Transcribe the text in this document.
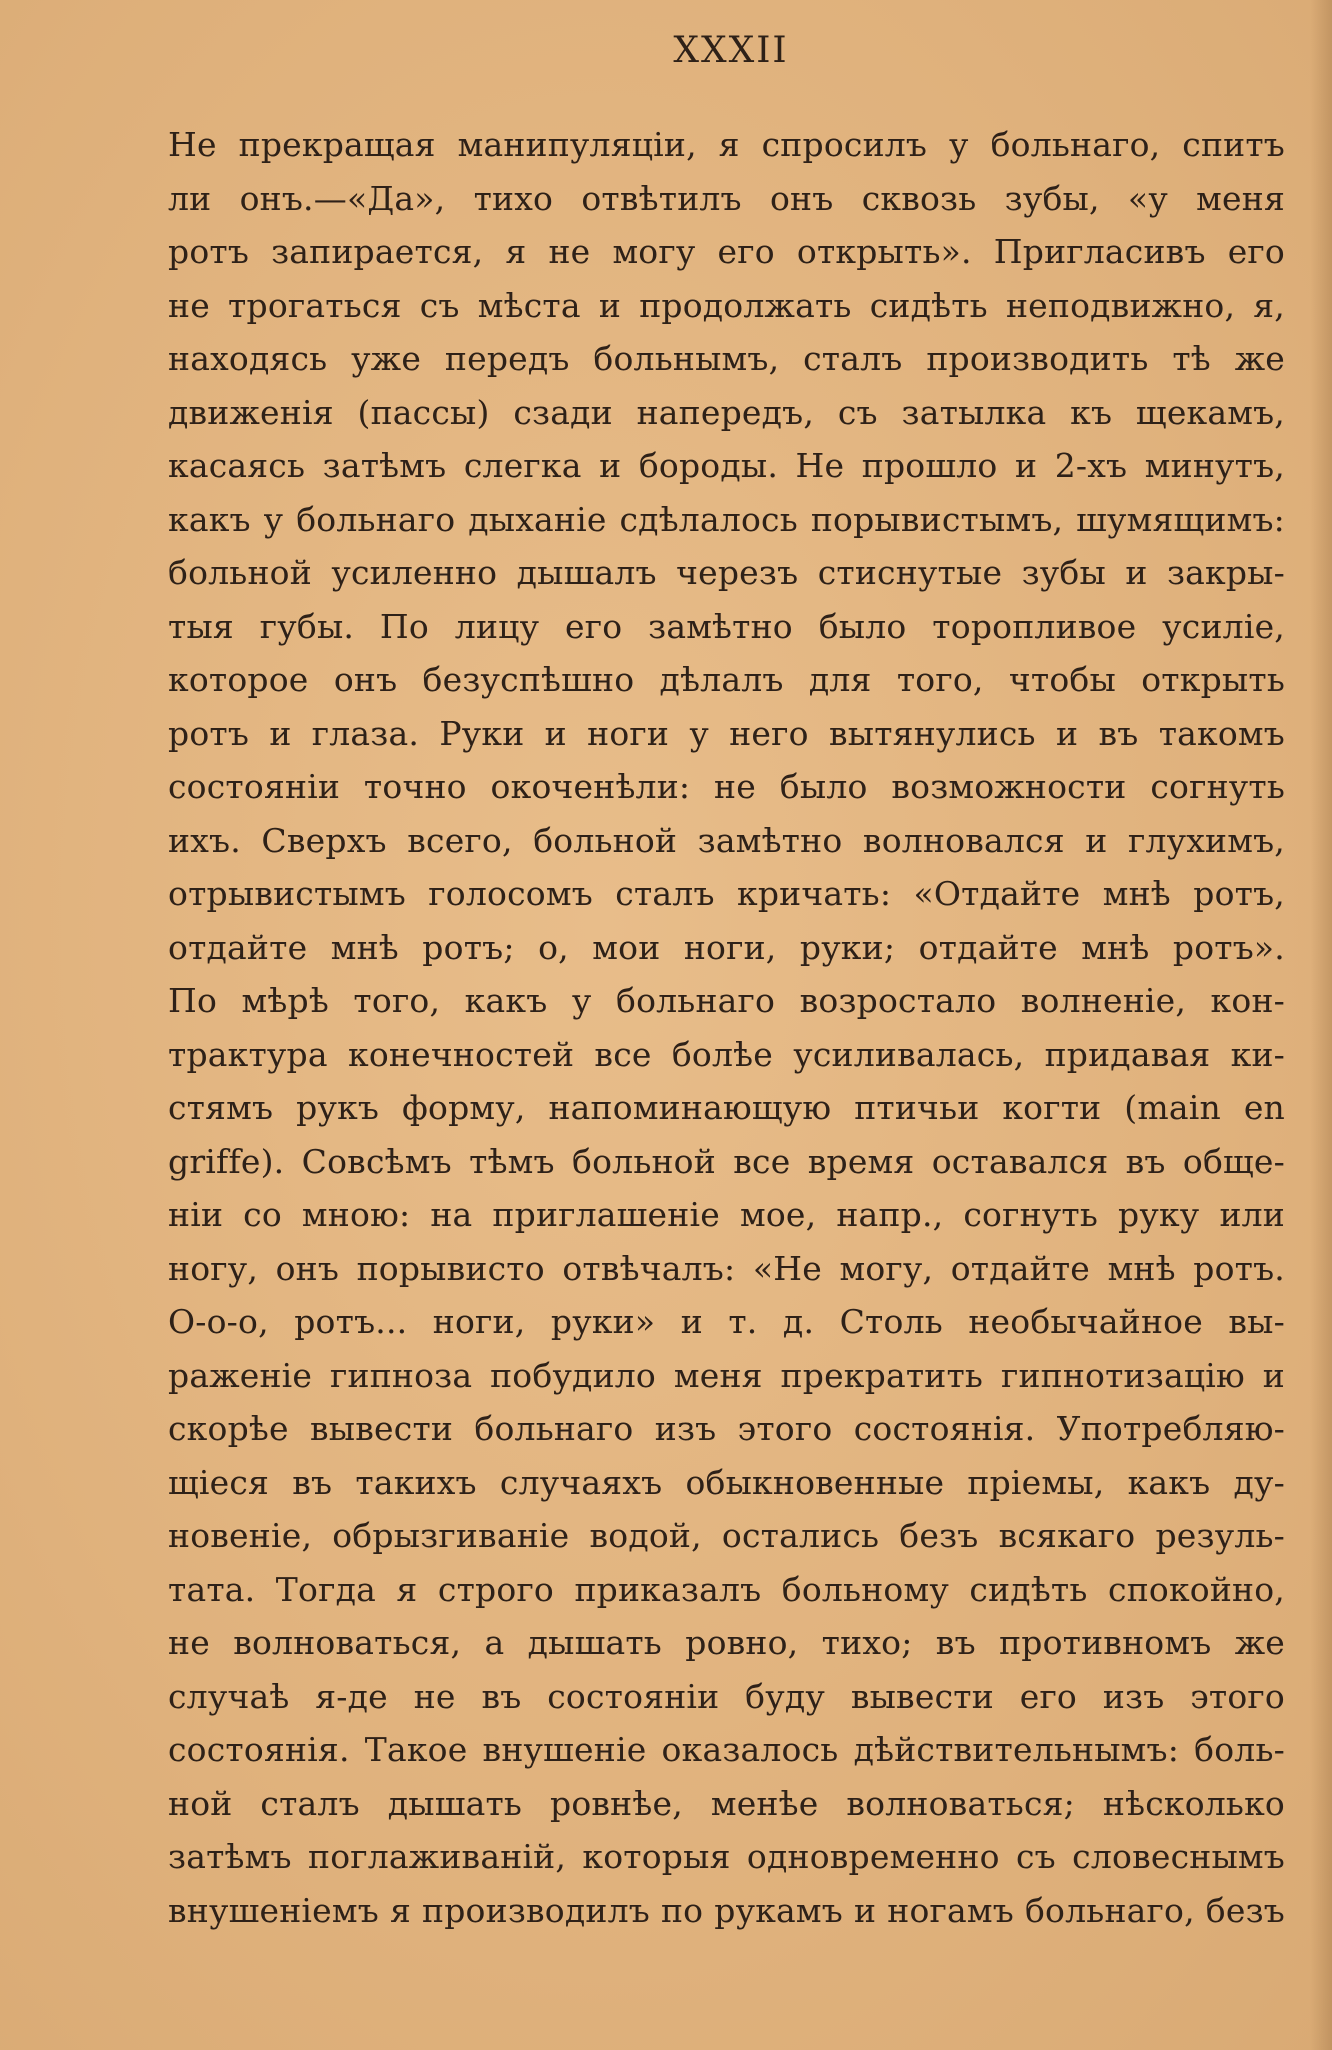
XXXII
Не прекращая манипуляціи, я спросилъ у больнаго, спитъ
ли онъ.—«Да», тихо отвѣтилъ онъ сквозь зубы, «у меня
ротъ запирается, я не могу его открыть». Пригласивъ его
не трогаться съ мѣста и продолжать сидѣть неподвижно, я,
находясь уже передъ больнымъ, сталъ производить тѣ же
движенія (пассы) сзади напередъ, съ затылка къ щекамъ,
касаясь затѣмъ слегка и бороды. Не прошло и 2-хъ минутъ,
какъ у больнаго дыханіе сдѣлалось порывистымъ, шумящимъ:
больной усиленно дышалъ черезъ стиснутые зубы и закры-
тыя губы. По лицу его замѣтно было торопливое усиліе,
которое онъ безуспѣшно дѣлалъ для того, чтобы открыть
ротъ и глаза. Руки и ноги у него вытянулись и въ такомъ
состояніи точно окоченѣли: не было возможности согнуть
ихъ. Сверхъ всего, больной замѣтно волновался и глухимъ,
отрывистымъ голосомъ сталъ кричать: «Отдайте мнѣ ротъ,
отдайте мнѣ ротъ; о, мои ноги, руки; отдайте мнѣ ротъ».
По мѣрѣ того, какъ у больнаго возростало волненіе, кон-
трактура конечностей все болѣе усиливалась, придавая ки-
стямъ рукъ форму, напоминающую птичьи когти (main en
griffe). Совсѣмъ тѣмъ больной все время оставался въ обще-
ніи со мною: на приглашеніе мое, напр., согнуть руку или
ногу, онъ порывисто отвѣчалъ: «Не могу, отдайте мнѣ ротъ.
О-о-о, ротъ... ноги, руки» и т. д. Столь необычайное вы-
раженіе гипноза побудило меня прекратить гипнотизацію и
скорѣе вывести больнаго изъ этого состоянія. Употребляю-
щіеся въ такихъ случаяхъ обыкновенные пріемы, какъ ду-
новеніе, обрызгиваніе водой, остались безъ всякаго резуль-
тата. Тогда я строго приказалъ больному сидѣть спокойно,
не волноваться, а дышать ровно, тихо; въ противномъ же
случаѣ я-де не въ состояніи буду вывести его изъ этого
состоянія. Такое внушеніе оказалось дѣйствительнымъ: боль-
ной сталъ дышать ровнѣе, менѣе волноваться; нѣсколько
затѣмъ поглаживаній, которыя одновременно съ словеснымъ
внушеніемъ я производилъ по рукамъ и ногамъ больнаго, безъ
